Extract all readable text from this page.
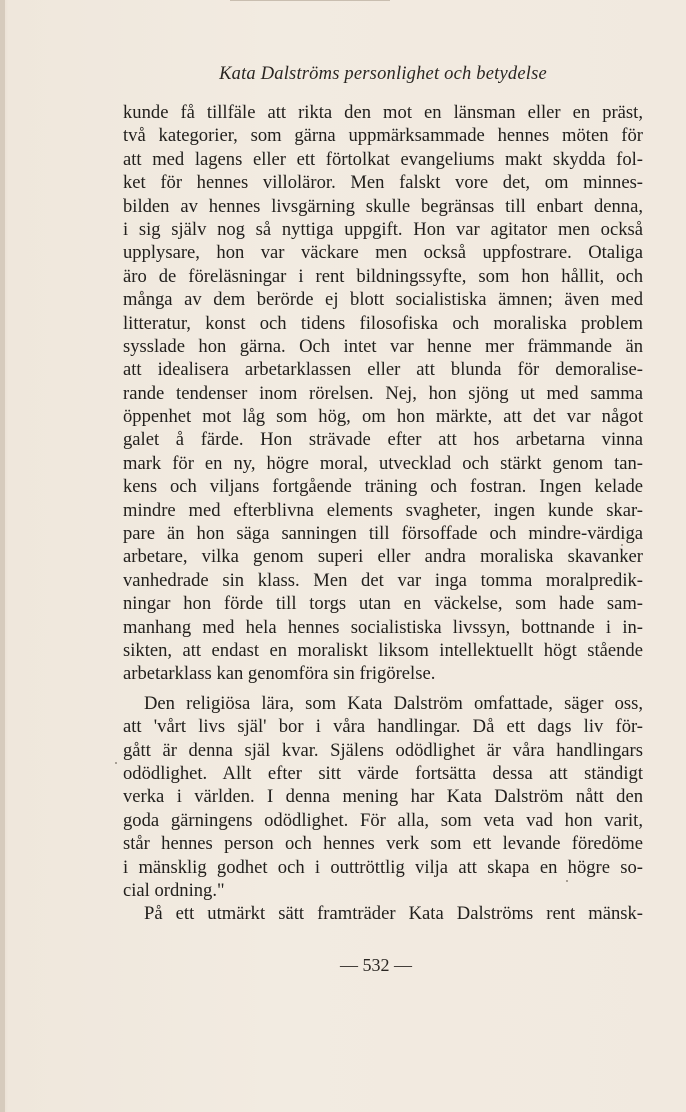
Kata Dalströms personlighet och betydelse
kunde få tillfäle att rikta den mot en länsman eller en präst,
två kategorier, som gärna uppmärksammade hennes möten för
att med lagens eller ett förtolkat evangeliums makt skydda fol-
ket för hennes villoläror. Men falskt vore det, om minnes-
bilden av hennes livsgärning skulle begränsas till enbart denna,
i sig själv nog så nyttiga uppgift. Hon var agitator men också
upplysare, hon var väckare men också uppfostrare. Otaliga
äro de föreläsningar i rent bildningssyfte, som hon hållit, och
många av dem berörde ej blott socialistiska ämnen; även med
litteratur, konst och tidens filosofiska och moraliska problem
sysslade hon gärna. Och intet var henne mer främmande än
att idealisera arbetarklassen eller att blunda för demoralise-
rande tendenser inom rörelsen. Nej, hon sjöng ut med samma
öppenhet mot låg som hög, om hon märkte, att det var något
galet å färde. Hon strävade efter att hos arbetarna vinna
mark för en ny, högre moral, utvecklad och stärkt genom tan-
kens och viljans fortgående träning och fostran. Ingen kelade
mindre med efterblivna elements svagheter, ingen kunde skar-
pare än hon säga sanningen till försoffade och mindre-värdiga
arbetare, vilka genom superi eller andra moraliska skavanker
vanhedrade sin klass. Men det var inga tomma moralpredik-
ningar hon förde till torgs utan en väckelse, som hade sam-
manhang med hela hennes socialistiska livssyn, bottnande i in-
sikten, att endast en moraliskt liksom intellektuellt högt stående
arbetarklass kan genomföra sin frigörelse.
Den religiösa lära, som Kata Dalström omfattade, säger oss,
att 'vårt livs själ' bor i våra handlingar. Då ett dags liv för-
gått är denna själ kvar. Själens odödlighet är våra handlingars
odödlighet. Allt efter sitt värde fortsätta dessa att ständigt
verka i världen. I denna mening har Kata Dalström nått den
goda gärningens odödlighet. För alla, som veta vad hon varit,
står hennes person och hennes verk som ett levande föredöme
i mänsklig godhet och i outtröttlig vilja att skapa en högre so-
cial ordning."
På ett utmärkt sätt framträder Kata Dalströms rent mänsk-
— 532 —
